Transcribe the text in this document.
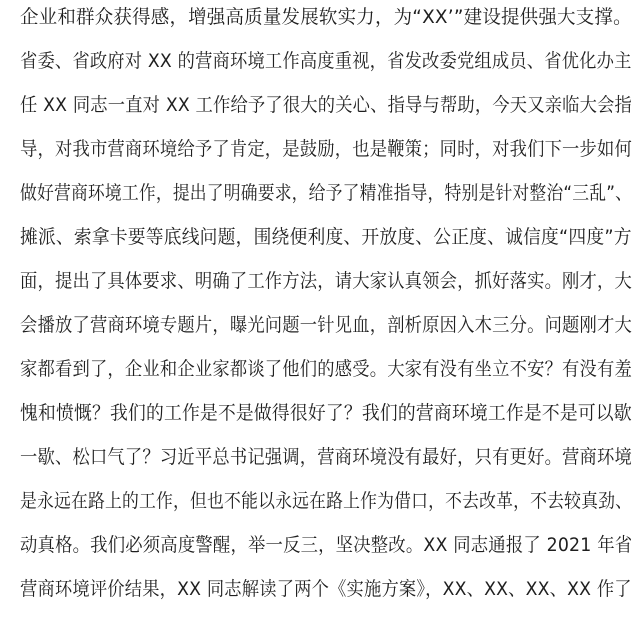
企业和群众获得感，增强高质量发展软实力，为“XX’”建设提供强大支撑。
省委、省政府对 XX 的营商环境工作高度重视，省发改委党组成员、省优化办主
任 XX 同志一直对 XX 工作给予了很大的关心、指导与帮助，今天又亲临大会指
导，对我市营商环境给予了肯定，是鼓励，也是鞭策；同时，对我们下一步如何
做好营商环境工作，提出了明确要求，给予了精准指导，特别是针对整治“三乱”、
摊派、索拿卡要等底线问题，围绕便利度、开放度、公正度、诚信度“四度”方
面，提出了具体要求、明确了工作方法，请大家认真领会，抓好落实。刚才，大
会播放了营商环境专题片，曝光问题一针见血，剖析原因入木三分。问题刚才大
家都看到了，企业和企业家都谈了他们的感受。大家有没有坐立不安？有没有羞
愧和愤慨？我们的工作是不是做得很好了？我们的营商环境工作是不是可以歇
一歇、松口气了？习近平总书记强调，营商环境没有最好，只有更好。营商环境
是永远在路上的工作，但也不能以永远在路上作为借口，不去改革，不去较真劲、
动真格。我们必须高度警醒，举一反三，坚决整改。XX 同志通报了 2021 年省
营商环境评价结果，XX 同志解读了两个《实施方案》，XX、XX、XX、XX 作了
